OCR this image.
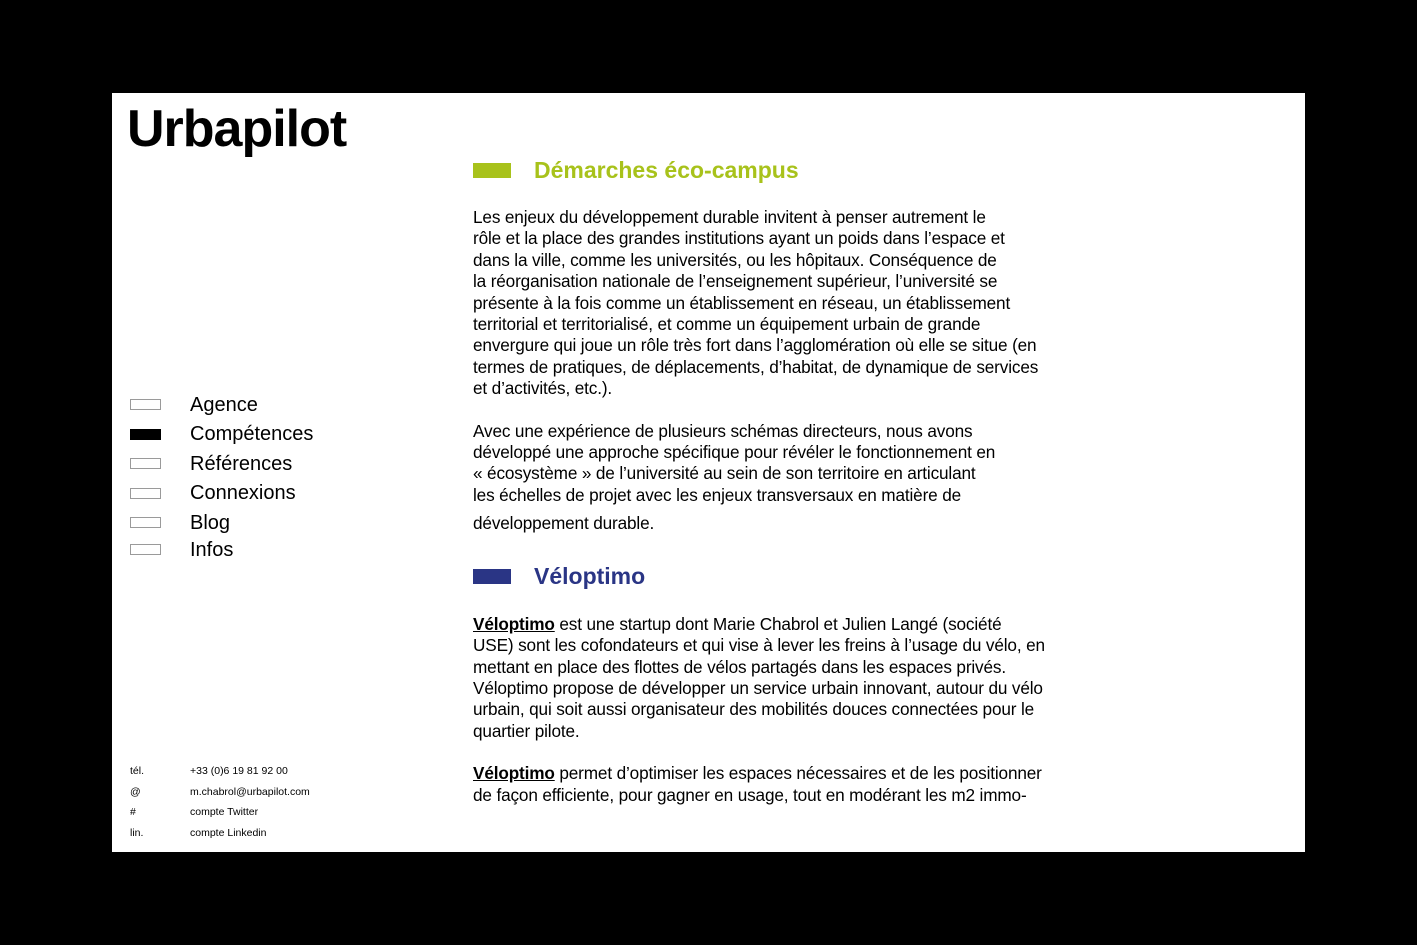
Urbapilot
Agence
Compétences
Références
Connexions
Blog
Infos
tél.	+33 (0)6 19 81 92 00
@	m.chabrol@urbapilot.com
#	compte Twitter
lin.	compte Linkedin
Démarches éco-campus

Les enjeux du développement durable invitent à penser autrement le
rôle et la place des grandes institutions ayant un poids dans l’espace et
dans la ville, comme les universités, ou les hôpitaux. Conséquence de
la réorganisation nationale de l’enseignement supérieur, l’université se
présente à la fois comme un établissement en réseau, un établissement
territorial et territorialisé, et comme un équipement urbain de grande
envergure qui joue un rôle très fort dans l’agglomération où elle se situe (en
termes de pratiques, de déplacements, d’habitat, de dynamique de services
et d’activités, etc.).

Avec une expérience de plusieurs schémas directeurs, nous avons
développé une approche spécifique pour révéler le fonctionnement en
« écosystème » de l’université au sein de son territoire en articulant
les échelles de projet avec les enjeux transversaux en matière de
développement durable.

Véloptimo

Véloptimo est une startup dont Marie Chabrol et Julien Langé (société
USE) sont les cofondateurs et qui vise à lever les freins à l’usage du vélo, en
mettant en place des flottes de vélos partagés dans les espaces privés.
Véloptimo propose de développer un service urbain innovant, autour du vélo
urbain, qui soit aussi organisateur des mobilités douces connectées pour le
quartier pilote.

Véloptimo permet d’optimiser les espaces nécessaires et de les positionner
de façon efficiente, pour gagner en usage, tout en modérant les m2 immo-
